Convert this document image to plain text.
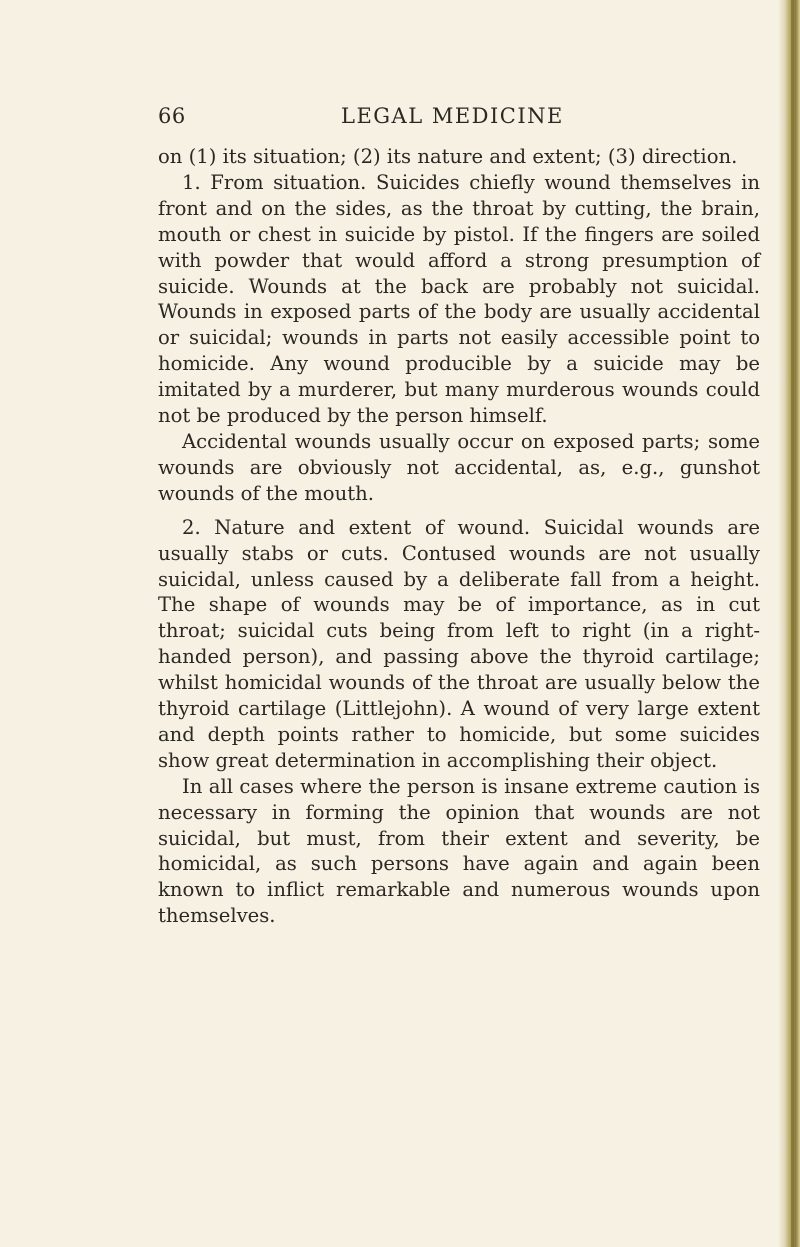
66	LEGAL MEDICINE

on (1) its situation; (2) its nature and extent; (3) direction.

1. From situation. Suicides chiefly wound themselves in front and on the sides, as the throat by cutting, the brain, mouth or chest in suicide by pistol. If the fingers are soiled with powder that would afford a strong presumption of suicide. Wounds at the back are probably not suicidal. Wounds in exposed parts of the body are usually accidental or suicidal; wounds in parts not easily accessible point to homicide. Any wound producible by a suicide may be imitated by a murderer, but many murderous wounds could not be produced by the person himself.

Accidental wounds usually occur on exposed parts; some wounds are obviously not accidental, as, e.g., gunshot wounds of the mouth.

2. Nature and extent of wound. Suicidal wounds are usually stabs or cuts. Contused wounds are not usually suicidal, unless caused by a deliberate fall from a height. The shape of wounds may be of importance, as in cut throat; suicidal cuts being from left to right (in a right-handed person), and passing above the thyroid cartilage; whilst homicidal wounds of the throat are usually below the thyroid cartilage (Littlejohn). A wound of very large extent and depth points rather to homicide, but some suicides show great determination in accomplishing their object.

In all cases where the person is insane extreme caution is necessary in forming the opinion that wounds are not suicidal, but must, from their extent and severity, be homicidal, as such persons have again and again been known to inflict remarkable and numerous wounds upon themselves.
